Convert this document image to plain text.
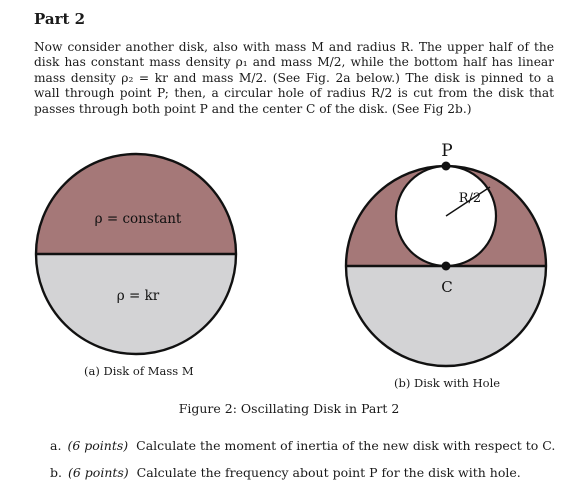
Part 2
Now consider another disk, also with mass M and radius R. The upper half of the disk has constant mass density ρ₁ and mass M/2, while the bottom half has linear mass density ρ₂ = kr and mass M/2. (See Fig. 2a below.) The disk is pinned to a wall through point P; then, a circular hole of radius R/2 is cut from the disk that passes through both point P and the center C of the disk. (See Fig 2b.)
ρ = constant
ρ = kr
P
C
R/2
(a) Disk of Mass M
(b) Disk with Hole
Figure 2: Oscillating Disk in Part 2
a. (6 points) Calculate the moment of inertia of the new disk with respect to C.
b. (6 points) Calculate the frequency about point P for the disk with hole.
